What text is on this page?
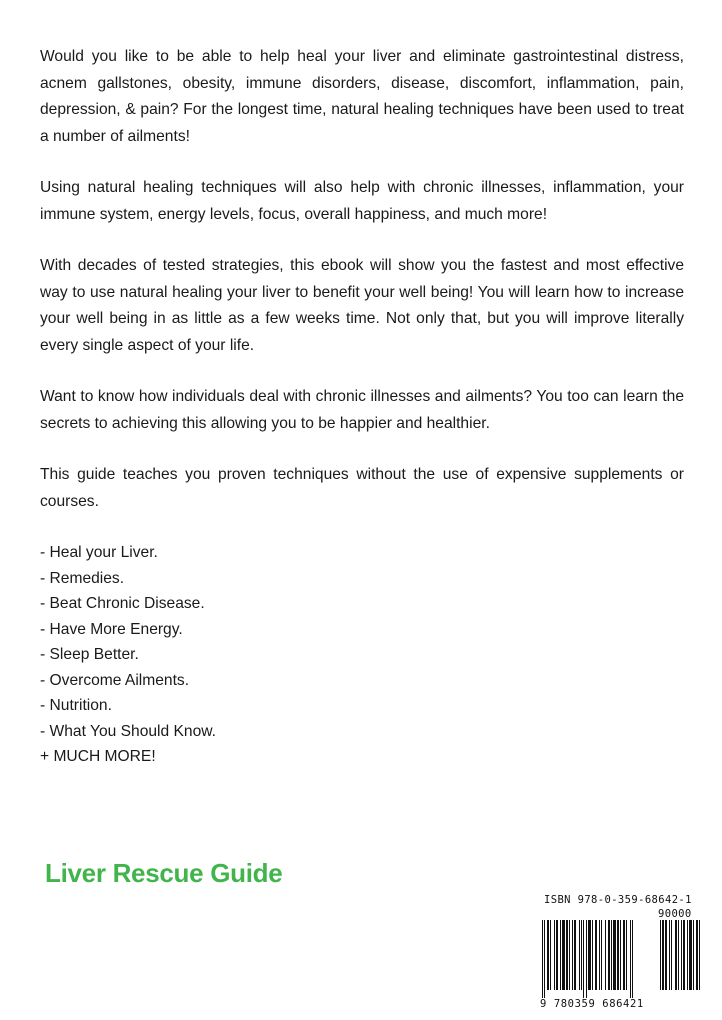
Would you like to be able to help heal your liver and eliminate gastrointestinal distress, acnem gallstones, obesity, immune disorders, disease, discomfort, inflammation, pain, depression, & pain? For the longest time, natural healing techniques have been used to treat a number of ailments!

Using natural healing techniques will also help with chronic illnesses, inflammation, your immune system, energy levels, focus, overall happiness, and much more!

With decades of tested strategies, this ebook will show you the fastest and most effective way to use natural healing your liver to benefit your well being! You will learn how to increase your well being in as little as a few weeks time. Not only that, but you will improve literally every single aspect of your life.

Want to know how individuals deal with chronic illnesses and ailments? You too can learn the secrets to achieving this allowing you to be happier and healthier.

This guide teaches you proven techniques without the use of expensive supplements or courses.

- Heal your Liver.
- Remedies.
- Beat Chronic Disease.
- Have More Energy.
- Sleep Better.
- Overcome Ailments.
- Nutrition.
- What You Should Know.
+ MUCH MORE!
Liver Rescue Guide
ISBN 978-0-359-68642-1
90000
9 780359 686421
